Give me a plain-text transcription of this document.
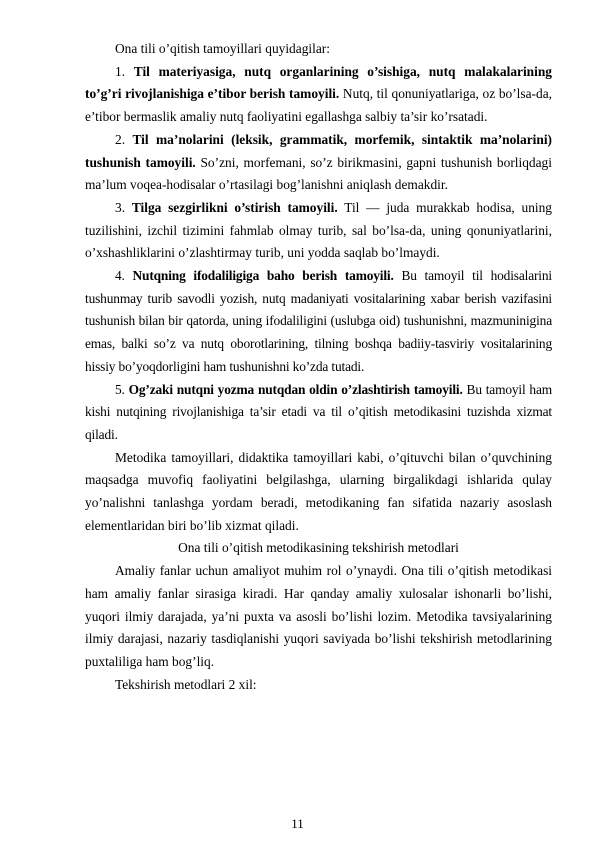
Ona tili o’qitish tamoyillari quyidagilar:

1. Til materiyasiga, nutq organlarining o’sishiga, nutq malakalarining to’g’ri rivojlanishiga e’tibor berish tamoyili. Nutq, til qonuniyatlariga, oz bo’lsa-da, e’tibor bermaslik amaliy nutq faoliyatini egallashga salbiy ta’sir ko’rsatadi.

2. Til ma’nolarini (leksik, grammatik, morfemik, sintaktik ma’nolarini) tushunish tamoyili. So’zni, morfemani, so’z birikmasini, gapni tushunish borliqdagi ma’lum voqea-hodisalar o’rtasilagi bog’lanishni aniqlash demakdir.

3. Tilga sezgirlikni o’stirish tamoyili. Til — juda murakkab hodisa, uning tuzilishini, izchil tizimini fahmlab olmay turib, sal bo’lsa-da, uning qonuniyatlarini, o’xshashliklarini o’zlashtirmay turib, uni yodda saqlab bo’lmaydi.

4. Nutqning ifodaliligiga baho berish tamoyili. Bu tamoyil til hodisalarini tushunmay turib savodli yozish, nutq madaniyati vositalarining xabar berish vazifasini tushunish bilan bir qatorda, uning ifodaliligini (uslubga oid) tushunishni, mazmuninigina emas, balki so’z va nutq oborotlarining, tilning boshqa badiiy-tasviriy vositalarining hissiy bo’yoqdorligini ham tushunishni ko’zda tutadi.

5. Og’zaki nutqni yozma nutqdan oldin o’zlashtirish tamoyili. Bu tamoyil ham kishi nutqining rivojlanishiga ta’sir etadi va til o’qitish metodikasini tuzishda xizmat qiladi.

Metodika tamoyillari, didaktika tamoyillari kabi, o’qituvchi bilan o’quvchining maqsadga muvofiq faoliyatini belgilashga, ularning birgalikdagi ishlarida qulay yo’nalishni tanlashga yordam beradi, metodikaning fan sifatida nazariy asoslash elementlaridan biri bo’lib xizmat qiladi.

Ona tili o’qitish metodikasining tekshirish metodlari

Amaliy fanlar uchun amaliyot muhim rol o’ynaydi. Ona tili o’qitish metodikasi ham amaliy fanlar sirasiga kiradi. Har qanday amaliy xulosalar ishonarli bo’lishi, yuqori ilmiy darajada, ya’ni puxta va asosli bo’lishi lozim. Metodika tavsiyalarining ilmiy darajasi, nazariy tasdiqlanishi yuqori saviyada bo’lishi tekshirish metodlarining puxtaliligа ham bog’liq.

Tekshirish metodlari 2 xil:

11
